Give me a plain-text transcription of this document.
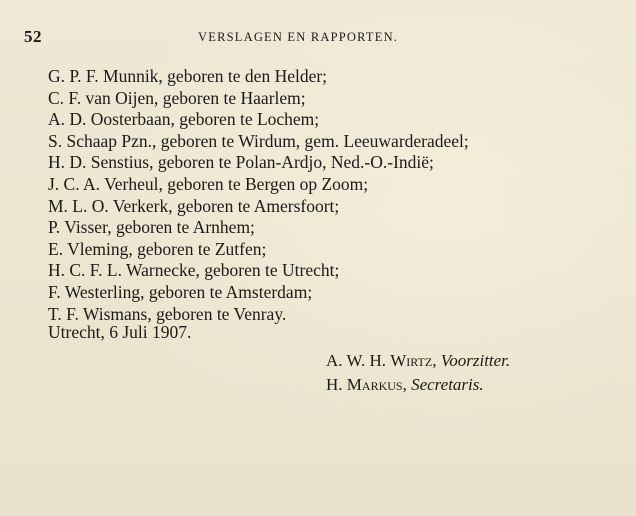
52	VERSLAGEN EN RAPPORTEN.
G. P. F. Munnik, geboren te den Helder;
C. F. van Oijen, geboren te Haarlem;
A. D. Oosterbaan, geboren te Lochem;
S. Schaap Pzn., geboren te Wirdum, gem. Leeuwarderadeel;
H. D. Senstius, geboren te Polan-Ardjo, Ned.-O.-Indië;
J. C. A. Verheul, geboren te Bergen op Zoom;
M. L. O. Verkerk, geboren te Amersfoort;
P. Visser, geboren te Arnhem;
E. Vleming, geboren te Zutfen;
H. C. F. L. Warnecke, geboren te Utrecht;
F. Westerling, geboren te Amsterdam;
T. F. Wismans, geboren te Venray.
Utrecht, 6 Juli 1907.
A. W. H. Wirtz, Voorzitter.
H. Markus, Secretaris.
